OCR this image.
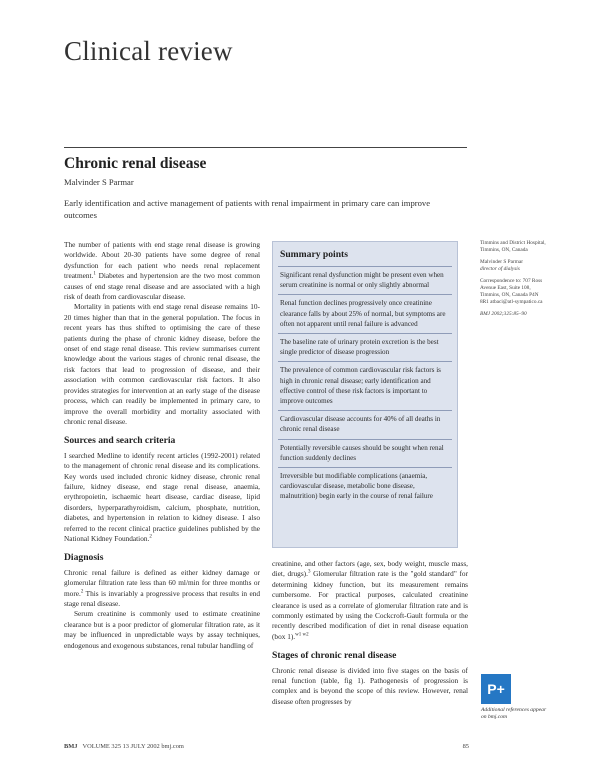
Clinical review
Chronic renal disease
Malvinder S Parmar
Early identification and active management of patients with renal impairment in primary care can improve outcomes

The number of patients with end stage renal disease is growing worldwide. About 20-30 patients have some degree of renal dysfunction for each patient who needs renal replacement treatment.$^1$ Diabetes and hypertension are the two most common causes of end stage renal disease and are associated with a high risk of death from cardiovascular disease.

Mortality in patients with end stage renal disease remains 10-20 times higher than that in the general population. The focus in recent years has thus shifted to optimising the care of these patients during the phase of chronic kidney disease, before the onset of end stage renal disease. This review summarises current knowledge about the various stages of chronic renal disease, the risk factors that lead to progression of disease, and their association with common cardiovascular risk factors. It also provides strategies for intervention at an early stage of the disease process, which can readily be implemented in primary care, to improve the overall morbidity and mortality associated with chronic renal disease.

Sources and search criteria

I searched Medline to identify recent articles (1992-2001) related to the management of chronic renal disease and its complications. Key words used included chronic kidney disease, chronic renal failure, kidney disease, end stage renal disease, anaemia, erythropoietin, ischaemic heart disease, cardiac disease, lipid disorders, hyperparathyroidism, calcium, phosphate, nutrition, diabetes, and hypertension in relation to kidney disease. I also referred to the recent clinical practice guidelines published by the National Kidney Foundation.$^2$

Diagnosis

Chronic renal failure is defined as either kidney damage or glomerular filtration rate less than 60 ml/min for three months or more.$^2$ This is invariably a progressive process that results in end stage renal disease.

Serum creatinine is commonly used to estimate creatinine clearance but is a poor predictor of glomerular filtration rate, as it may be influenced in unpredictable ways by assay techniques, endogenous and exogenous substances, renal tubular handling of

Summary points

Significant renal dysfunction might be present even when serum creatinine is normal or only slightly abnormal

Renal function declines progressively once creatinine clearance falls by about 25% of normal, but symptoms are often not apparent until renal failure is advanced

The baseline rate of urinary protein excretion is the best single predictor of disease progression

The prevalence of common cardiovascular risk factors is high in chronic renal disease; early identification and effective control of these risk factors is important to improve outcomes

Cardiovascular disease accounts for 40% of all deaths in chronic renal disease

Potentially reversible causes should be sought when renal function suddenly declines

Irreversible but modifiable complications (anaemia, cardiovascular disease, metabolic bone disease, malnutrition) begin early in the course of renal failure

creatinine, and other factors (age, sex, body weight, muscle mass, diet, drugs).$^3$ Glomerular filtration rate is the "gold standard" for determining kidney function, but its measurement remains cumbersome. For practical purposes, calculated creatinine clearance is used as a correlate of glomerular filtration rate and is commonly estimated by using the Cockcroft-Gault formula or the recently described modification of diet in renal disease equation (box 1).$^{w1 w2}$

Stages of chronic renal disease

Chronic renal disease is divided into five stages on the basis of renal function (table, fig 1). Pathogenesis of progression is complex and is beyond the scope of this review. However, renal disease often progresses by

Timmins and District Hospital, Timmins, ON, Canada

Malvinder S Parmar
director of dialysis

Correspondence to: 707 Ross Avenue East, Suite 108, Timmins, ON, Canada P4N 8R1 atbaci@atl-sympatico.ca

BMJ 2002;325:85–90

P+
Additional references appear on bmj.com
BMJ VOLUME 325 13 JULY 2002 bmj.com	85
